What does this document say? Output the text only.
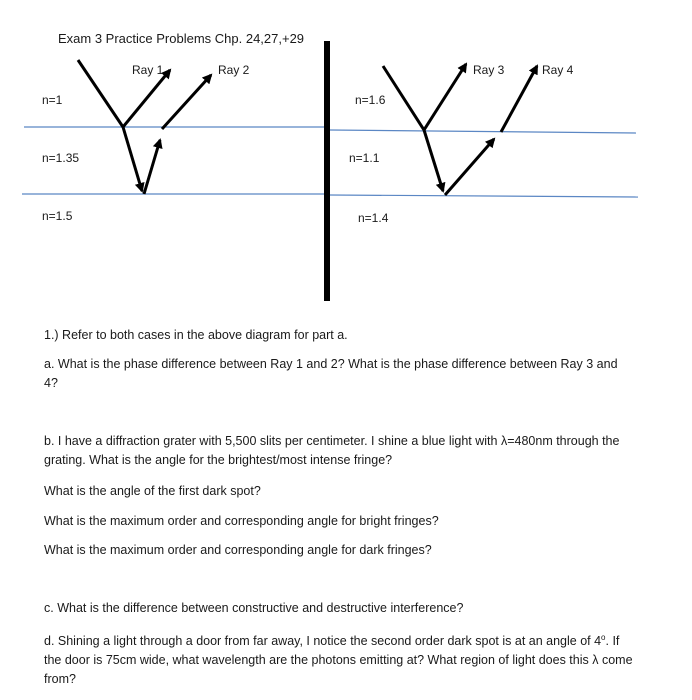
Exam 3 Practice Problems Chp. 24,27,+29
Ray 1	Ray 2
n=1
n=1.35
n=1.5
Ray 3	Ray 4
n=1.6
n=1.1
n=1.4
1.) Refer to both cases in the above diagram for part a.
a. What is the phase difference between Ray 1 and 2? What is the phase difference between Ray 3 and 4?
b. I have a diffraction grater with 5,500 slits per centimeter. I shine a blue light with λ=480nm through the grating. What is the angle for the brightest/most intense fringe?
What is the angle of the first dark spot?
What is the maximum order and corresponding angle for bright fringes?
What is the maximum order and corresponding angle for dark fringes?
c. What is the difference between constructive and destructive interference?
d. Shining a light through a door from far away, I notice the second order dark spot is at an angle of 4$^o$. If the door is 75cm wide, what wavelength are the photons emitting at? What region of light does this λ come from?
